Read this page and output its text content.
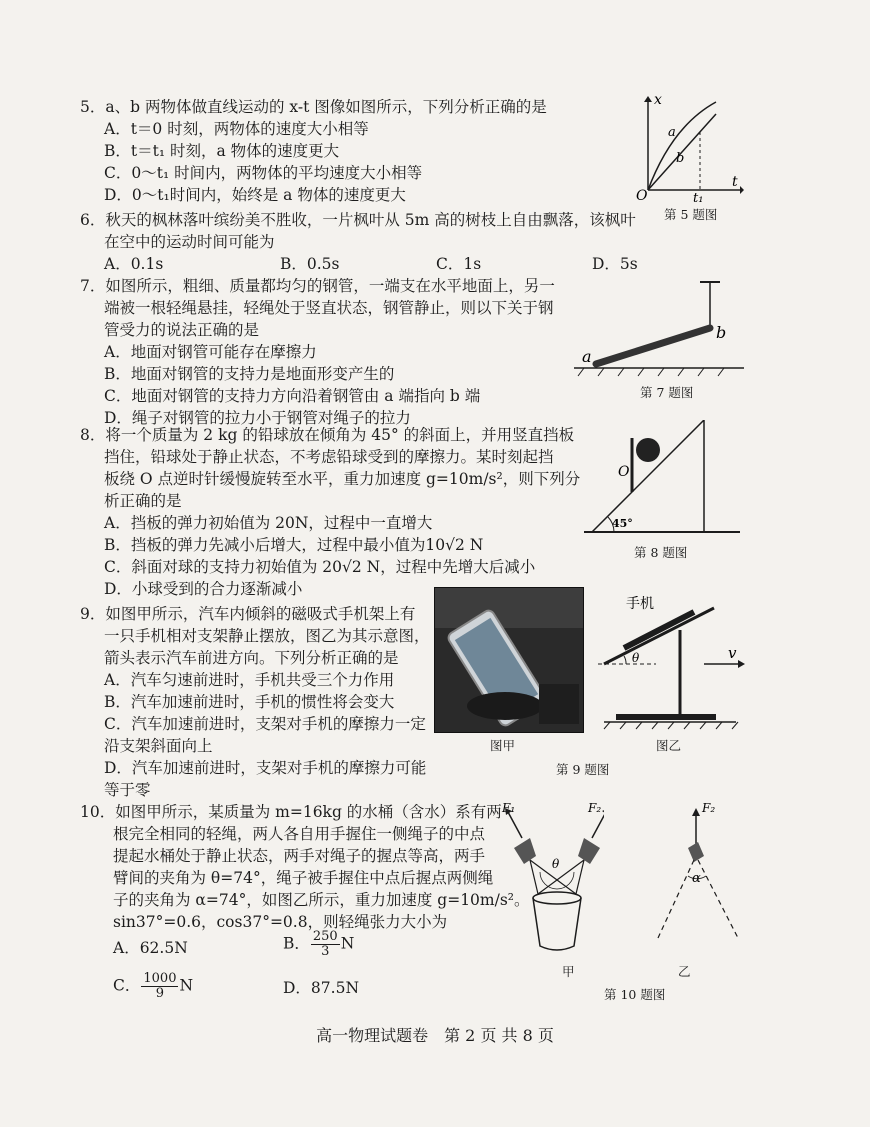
5．a、b 两物体做直线运动的 x-t 图像如图所示，下列分析正确的是
A．t＝0 时刻，两物体的速度大小相等
B．t＝t₁ 时刻，a 物体的速度更大
C．0～t₁ 时间内，两物体的平均速度大小相等
D．0～t₁时间内，始终是 a 物体的速度更大
x
t
O	t₁
a
b
第 5 题图
6．秋天的枫林落叶缤纷美不胜收，一片枫叶从 5m 高的树枝上自由飘落，该枫叶
在空中的运动时间可能为
A．0.1s	B．0.5s	C．1s	D．5s
7．如图所示，粗细、质量都均匀的钢管，一端支在水平地面上，另一
端被一根轻绳悬挂，轻绳处于竖直状态，钢管静止，则以下关于钢
管受力的说法正确的是
A．地面对钢管可能存在摩擦力
B．地面对钢管的支持力是地面形变产生的
C．地面对钢管的支持力方向沿着钢管由 a 端指向 b 端
D．绳子对钢管的拉力小于钢管对绳子的拉力
a
b
第 7 题图
8．将一个质量为 2 kg 的铅球放在倾角为 45° 的斜面上，并用竖直挡板
挡住，铅球处于静止状态，不考虑铅球受到的摩擦力。某时刻起挡
板绕 O 点逆时针缓慢旋转至水平，重力加速度 g=10m/s²，则下列分
析正确的是
A．挡板的弹力初始值为 20N，过程中一直增大
B．挡板的弹力先减小后增大，过程中最小值为10√2 N
C．斜面对球的支持力初始值为 20√2 N，过程中先增大后减小
D．小球受到的合力逐渐减小
O
45°
第 8 题图
9．如图甲所示，汽车内倾斜的磁吸式手机架上有
一只手机相对支架静止摆放，图乙为其示意图，
箭头表示汽车前进方向。下列分析正确的是
A．汽车匀速前进时，手机共受三个力作用
B．汽车加速前进时，手机的惯性将会变大
C．汽车加速前进时，支架对手机的摩擦力一定
沿支架斜面向上
D．汽车加速前进时，支架对手机的摩擦力可能
等于零
图甲
手机
θ	v
图乙
第 9 题图
10．如图甲所示，某质量为 m=16kg 的水桶（含水）系有两
根完全相同的轻绳，两人各自用手握住一侧绳子的中点
提起水桶处于静止状态，两手对绳子的握点等高，两手
臂间的夹角为 θ=74°，绳子被手握住中点后握点两侧绳
子的夹角为 α=74°，如图乙所示，重力加速度 g=10m/s²。
sin37°=0.6，cos37°=0.8，则轻绳张力大小为
A．62.5N	B． $\frac{250}{3}$ N
C． $\frac{1000}{9}$ N	D．87.5N
F₁	F₂
θ
甲
F₂
α
乙
第 10 题图
高一物理试题卷　第 2 页 共 8 页
